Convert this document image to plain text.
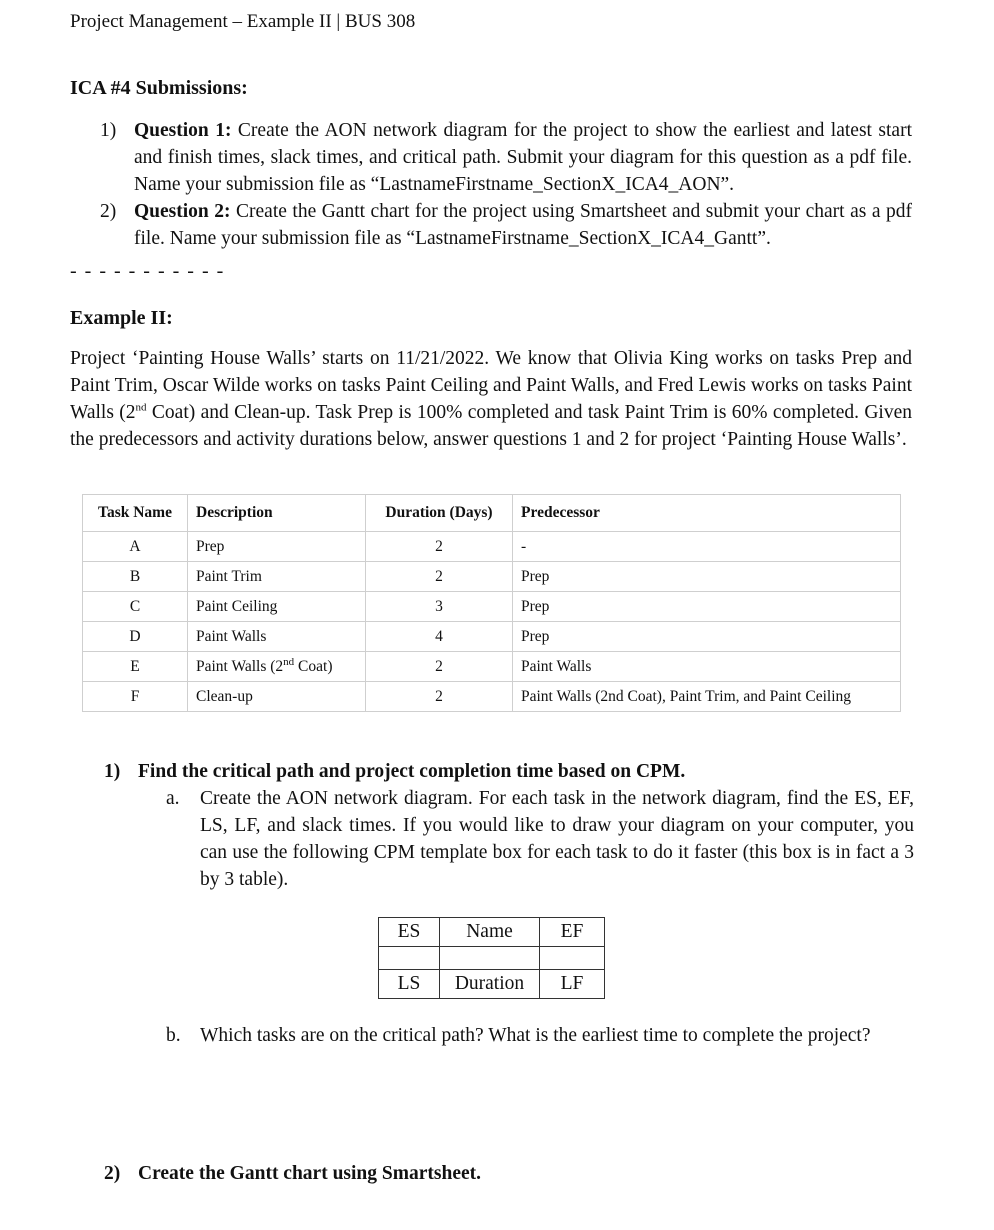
Project Management – Example II | BUS 308
ICA #4 Submissions:
1) Question 1: Create the AON network diagram for the project to show the earliest and latest start and finish times, slack times, and critical path. Submit your diagram for this question as a pdf file. Name your submission file as “LastnameFirstname_SectionX_ICA4_AON”.
2) Question 2: Create the Gantt chart for the project using Smartsheet and submit your chart as a pdf file. Name your submission file as “LastnameFirstname_SectionX_ICA4_Gantt”.
- - - - - - - - - - -
Example II:
Project ‘Painting House Walls’ starts on 11/21/2022. We know that Olivia King works on tasks Prep and Paint Trim, Oscar Wilde works on tasks Paint Ceiling and Paint Walls, and Fred Lewis works on tasks Paint Walls (2nd Coat) and Clean-up. Task Prep is 100% completed and task Paint Trim is 60% completed. Given the predecessors and activity durations below, answer questions 1 and 2 for project ‘Painting House Walls’.
Task Name	Description	Duration (Days)	Predecessor
A	Prep	2	-
B	Paint Trim	2	Prep
C	Paint Ceiling	3	Prep
D	Paint Walls	4	Prep
E	Paint Walls (2nd Coat)	2	Paint Walls
F	Clean-up	2	Paint Walls (2nd Coat), Paint Trim, and Paint Ceiling
1) Find the critical path and project completion time based on CPM.
a. Create the AON network diagram. For each task in the network diagram, find the ES, EF, LS, LF, and slack times. If you would like to draw your diagram on your computer, you can use the following CPM template box for each task to do it faster (this box is in fact a 3 by 3 table).
ES	Name	EF

LS	Duration	LF
b. Which tasks are on the critical path? What is the earliest time to complete the project?
2) Create the Gantt chart using Smartsheet.
